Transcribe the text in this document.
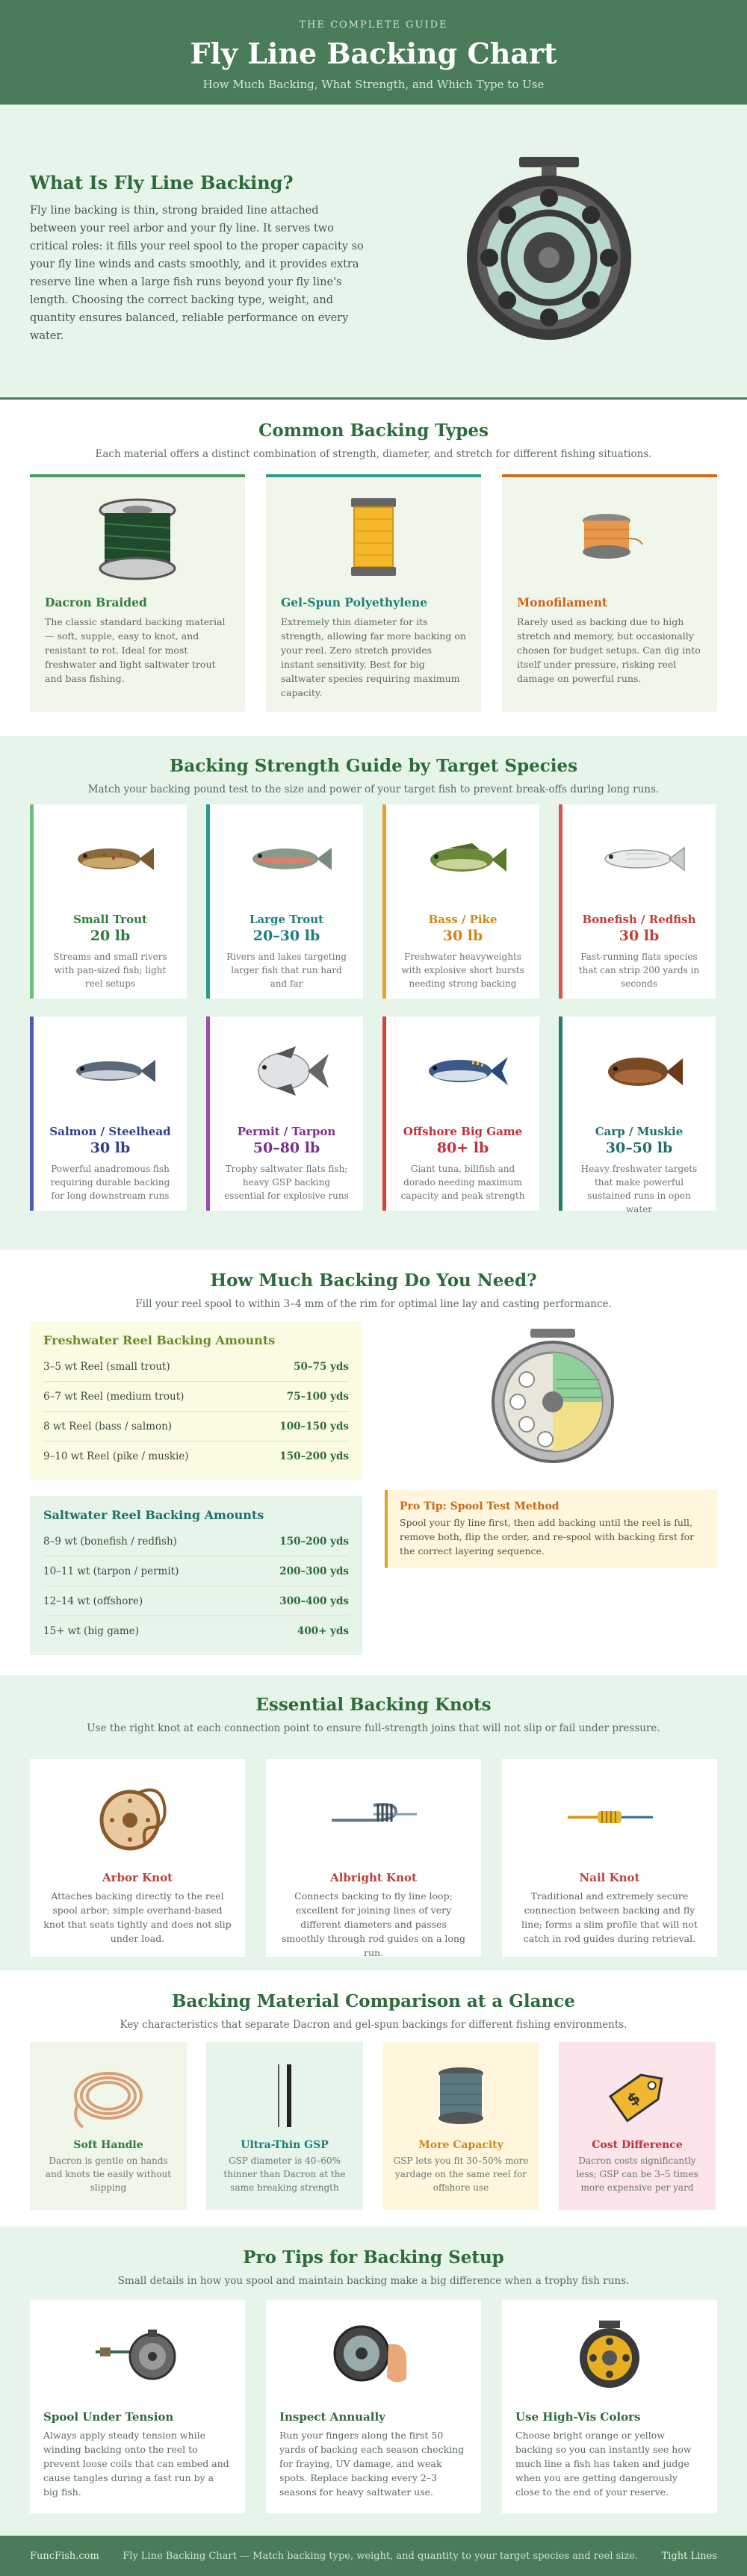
THE COMPLETE GUIDE
Fly Line Backing Chart
How Much Backing, What Strength, and Which Type to Use
What Is Fly Line Backing?

Fly line backing is thin, strong braided line attached between your reel arbor and your fly line. It serves two critical roles: it fills your reel spool to the proper capacity so your fly line winds and casts smoothly, and it provides extra reserve line when a large fish runs beyond your fly line's length. Choosing the correct backing type, weight, and quantity ensures balanced, reliable performance on every water.

Common Backing Types
Each material offers a distinct combination of strength, diameter, and stretch for different fishing situations.
Dacron Braided

The classic standard backing material — soft, supple, easy to knot, and resistant to rot. Ideal for most freshwater and light saltwater trout and bass fishing.

Gel-Spun Polyethylene

Extremely thin diameter for its strength, allowing far more backing on your reel. Zero stretch provides instant sensitivity. Best for big saltwater species requiring maximum capacity.

Monofilament

Rarely used as backing due to high stretch and memory, but occasionally chosen for budget setups. Can dig into itself under pressure, risking reel damage on powerful runs.

Backing Strength Guide by Target Species
Match your backing pound test to the size and power of your target fish to prevent break-offs during long runs.
Small Trout
20 lb

Streams and small rivers with pan-sized fish; light reel setups

Large Trout
20–30 lb

Rivers and lakes targeting larger fish that run hard and far

Bass / Pike
30 lb

Freshwater heavyweights with explosive short bursts needing strong backing

Bonefish / Redfish
30 lb

Fast-running flats species that can strip 200 yards in seconds

Salmon / Steelhead
30 lb

Powerful anadromous fish requiring durable backing for long downstream runs

Permit / Tarpon
50–80 lb

Trophy saltwater flats fish; heavy GSP backing essential for explosive runs

Offshore Big Game
80+ lb

Giant tuna, billfish and dorado needing maximum capacity and peak strength

Carp / Muskie
30–50 lb

Heavy freshwater targets that make powerful sustained runs in open water

How Much Backing Do You Need?
Fill your reel spool to within 3–4 mm of the rim for optimal line lay and casting performance.
Freshwater Reel Backing Amounts
3–5 wt Reel (small trout)	50–75 yds
6–7 wt Reel (medium trout)	75–100 yds
8 wt Reel (bass / salmon)	100–150 yds
9–10 wt Reel (pike / muskie)	150–200 yds
Saltwater Reel Backing Amounts
8–9 wt (bonefish / redfish)	150–200 yds
10–11 wt (tarpon / permit)	200–300 yds
12–14 wt (offshore)	300–400 yds
15+ wt (big game)	400+ yds
Pro Tip: Spool Test Method

Spool your fly line first, then add backing until the reel is full, remove both, flip the order, and re-spool with backing first for the correct layering sequence.

Essential Backing Knots
Use the right knot at each connection point to ensure full-strength joins that will not slip or fail under pressure.
Arbor Knot

Attaches backing directly to the reel spool arbor; simple overhand-based knot that seats tightly and does not slip under load.

Albright Knot

Connects backing to fly line loop; excellent for joining lines of very different diameters and passes smoothly through rod guides on a long run.

Nail Knot

Traditional and extremely secure connection between backing and fly line; forms a slim profile that will not catch in rod guides during retrieval.

Backing Material Comparison at a Glance
Key characteristics that separate Dacron and gel-spun backings for different fishing environments.
Soft Handle

Dacron is gentle on hands and knots tie easily without slipping

Ultra-Thin GSP

GSP diameter is 40–60% thinner than Dacron at the same breaking strength

More Capacity

GSP lets you fit 30–50% more yardage on the same reel for offshore use

$
Cost Difference

Dacron costs significantly less; GSP can be 3–5 times more expensive per yard

Pro Tips for Backing Setup
Small details in how you spool and maintain backing make a big difference when a trophy fish runs.
Spool Under Tension

Always apply steady tension while winding backing onto the reel to prevent loose coils that can embed and cause tangles during a fast run by a big fish.

Inspect Annually

Run your fingers along the first 50 yards of backing each season checking for fraying, UV damage, and weak spots. Replace backing every 2–3 seasons for heavy saltwater use.

Use High-Vis Colors

Choose bright orange or yellow backing so you can instantly see how much line a fish has taken and judge when you are getting dangerously close to the end of your reserve.

FuncFish.com Fly Line Backing Chart — Match backing type, weight, and quantity to your target species and reel size. Tight Lines
